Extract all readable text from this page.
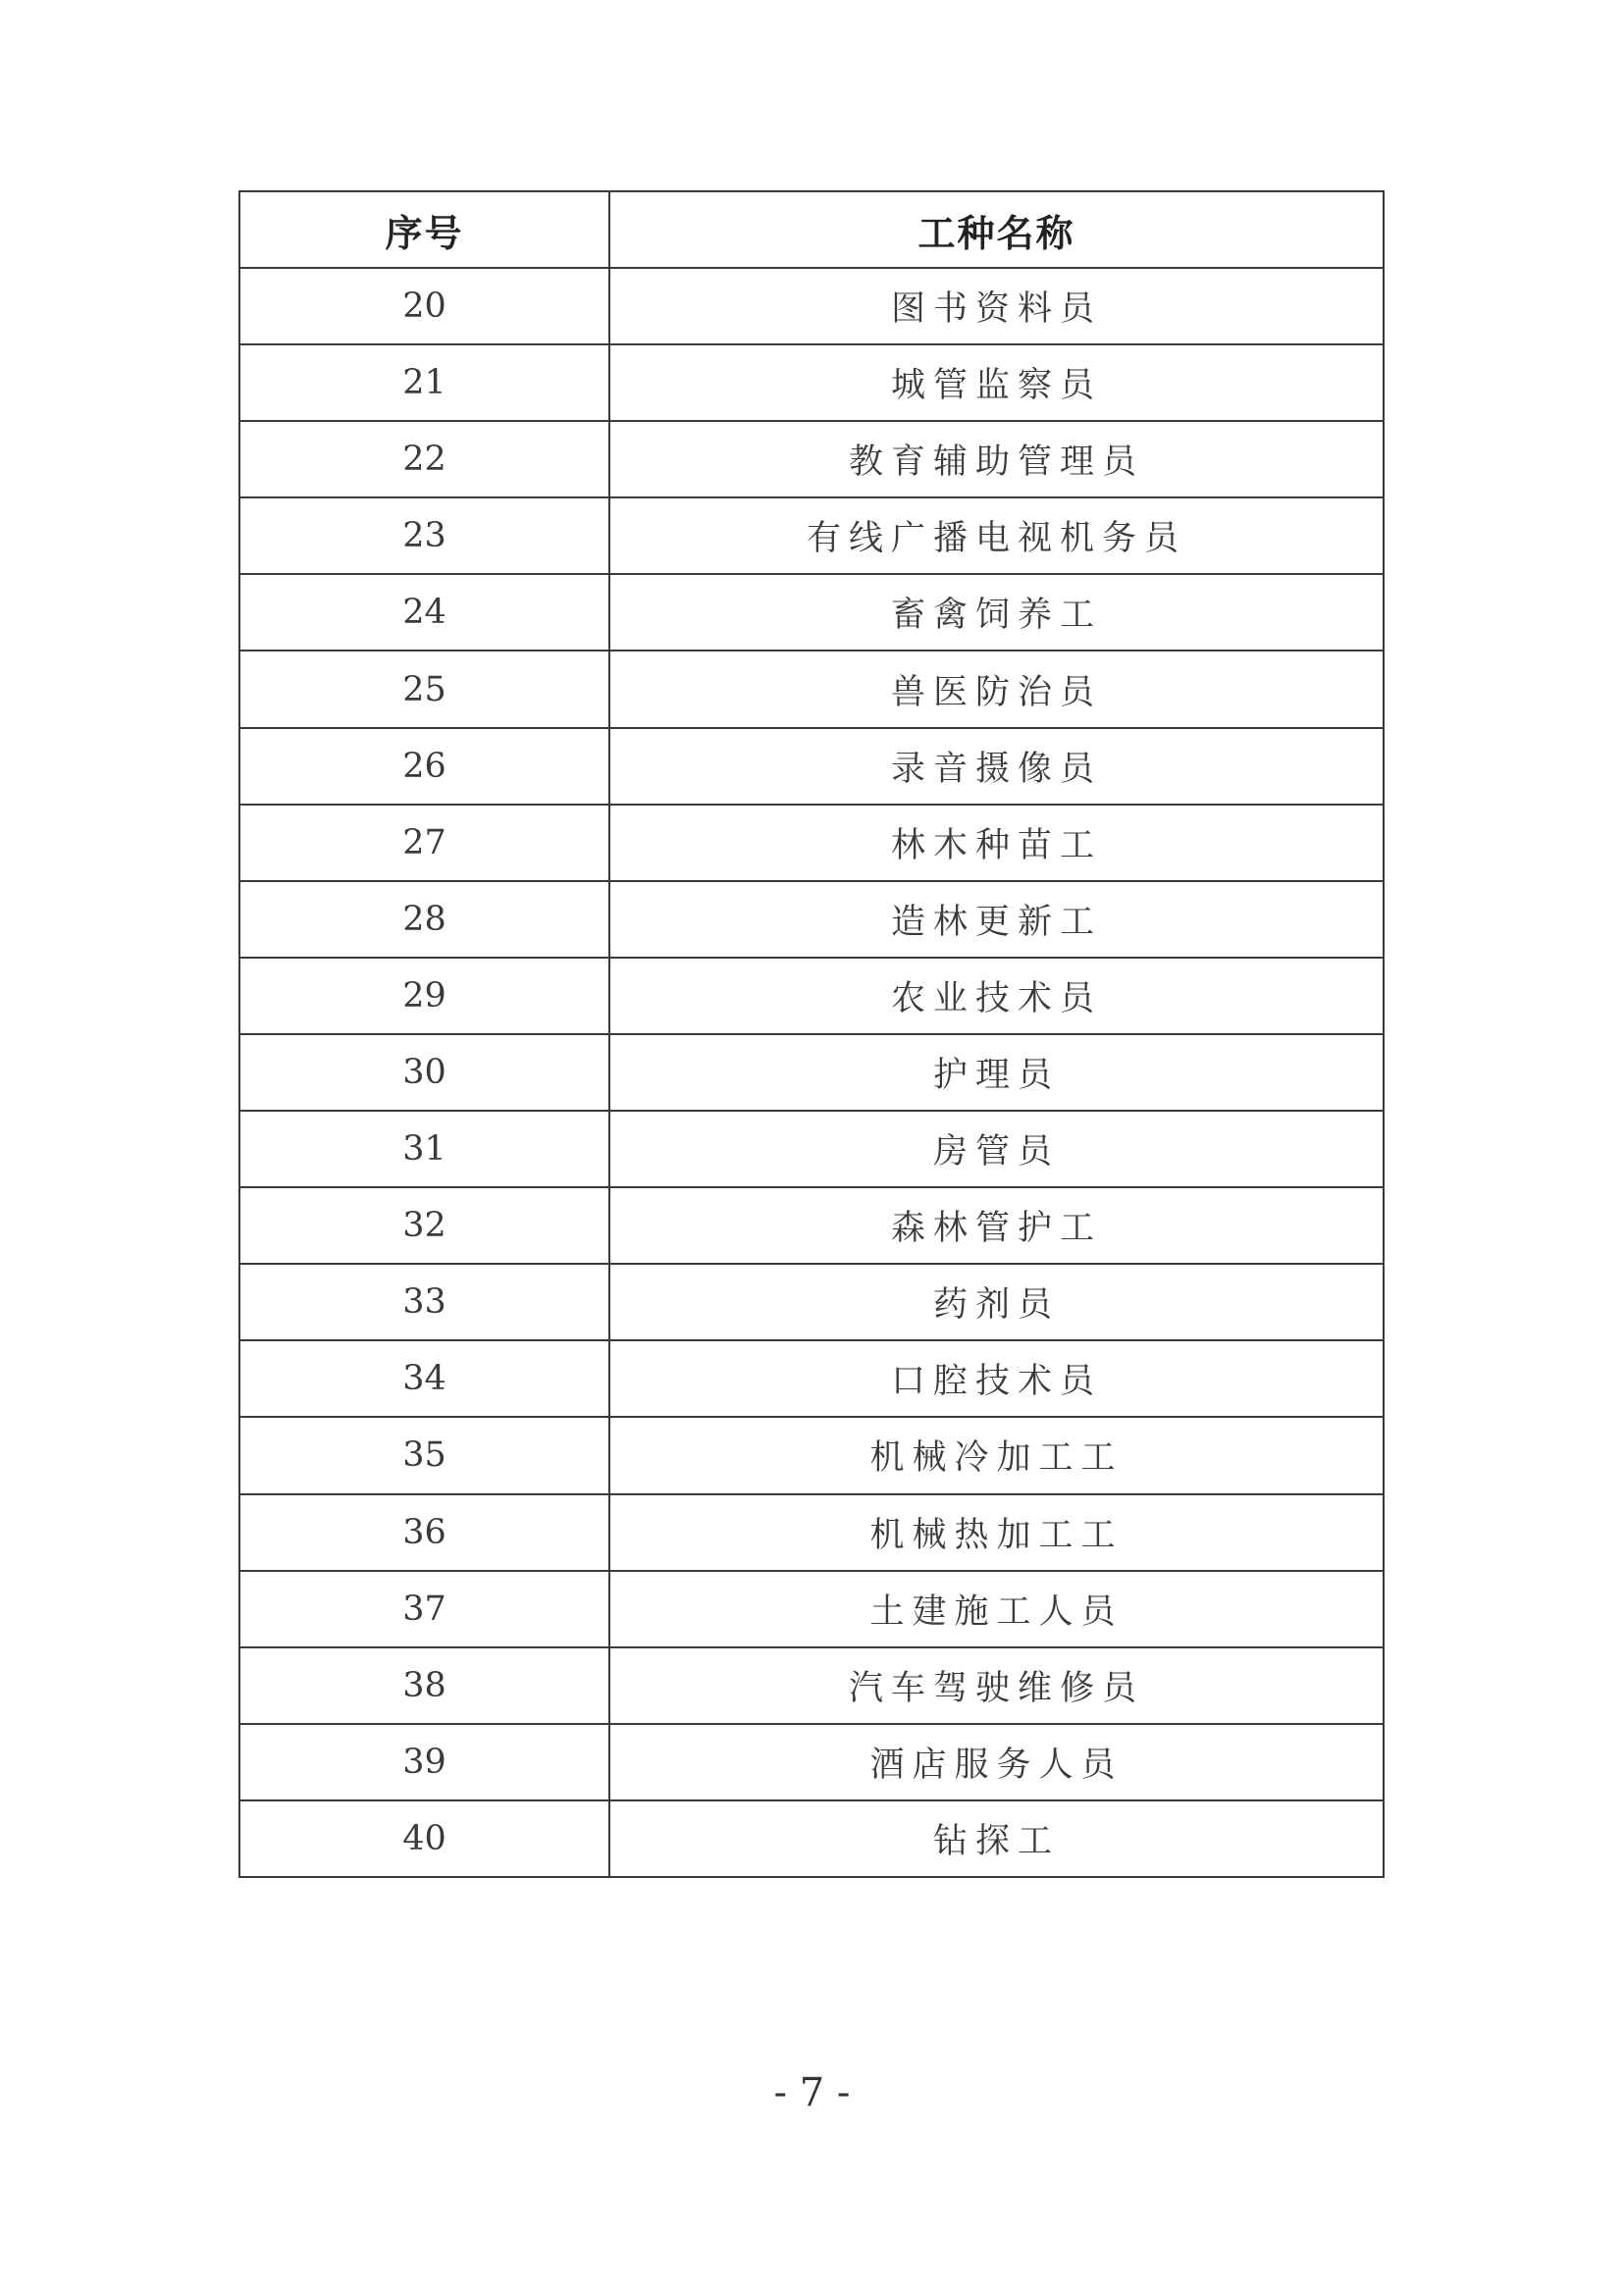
序号	工种名称
20	图书资料员
21	城管监察员
22	教育辅助管理员
23	有线广播电视机务员
24	畜禽饲养工
25	兽医防治员
26	录音摄像员
27	林木种苗工
28	造林更新工
29	农业技术员
30	护理员
31	房管员
32	森林管护工
33	药剂员
34	口腔技术员
35	机械冷加工工
36	机械热加工工
37	土建施工人员
38	汽车驾驶维修员
39	酒店服务人员
40	钻探工
- 7 -
